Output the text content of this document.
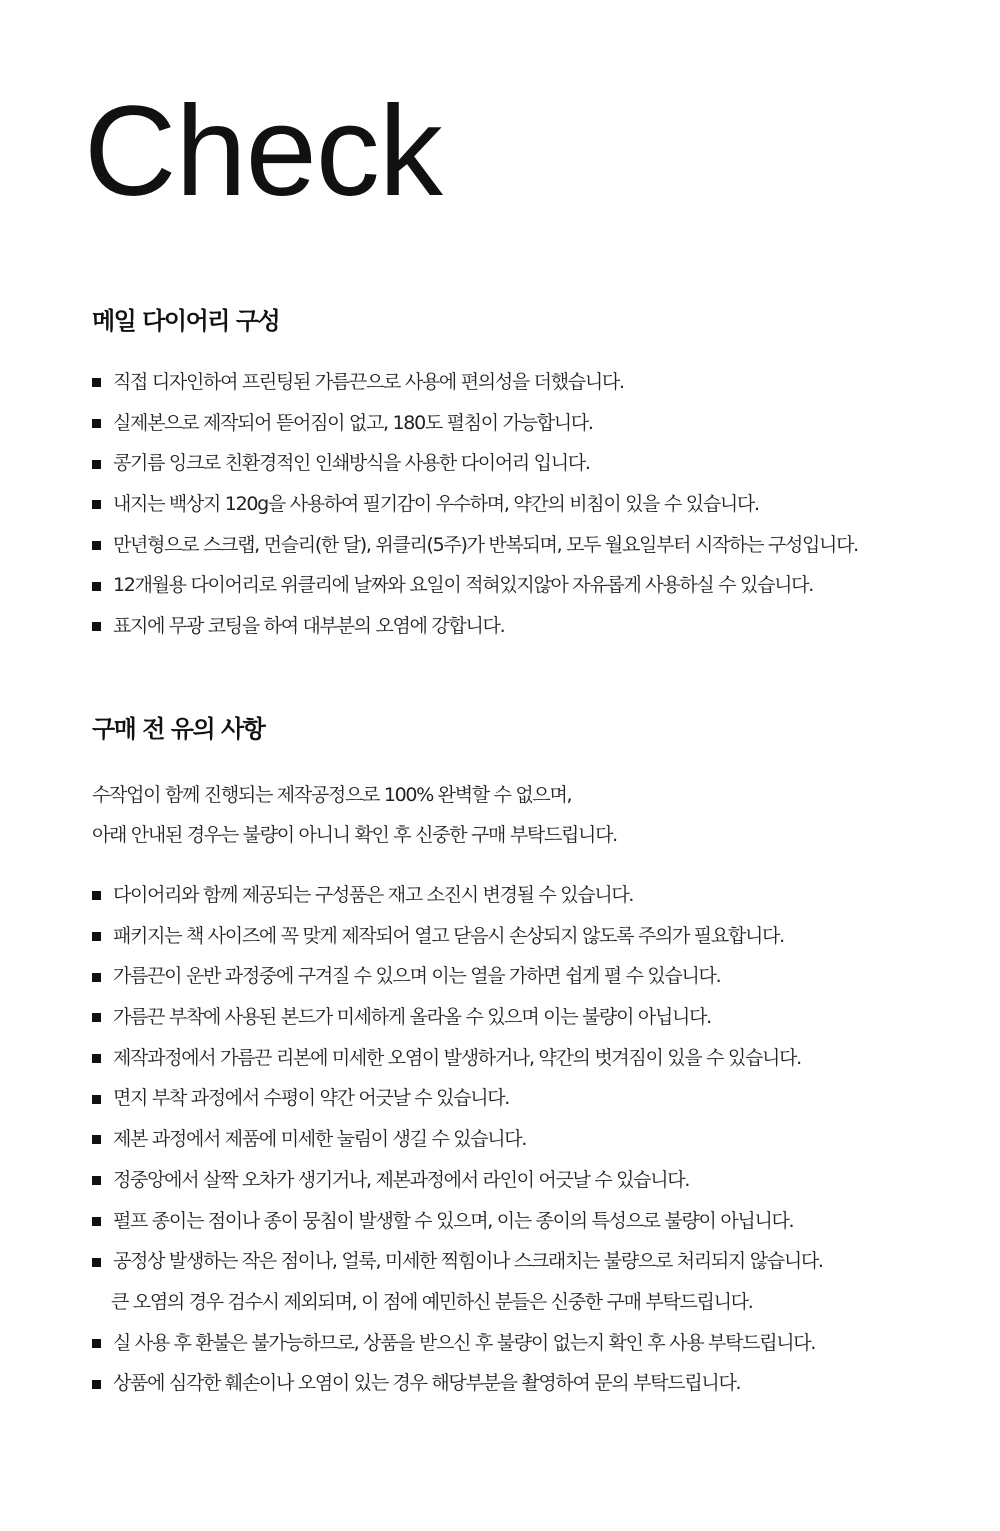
Check
메일 다이어리 구성
직접 디자인하여 프린팅된 가름끈으로 사용에 편의성을 더했습니다.
실제본으로 제작되어 뜯어짐이 없고, 180도 펼침이 가능합니다.
콩기름 잉크로 친환경적인 인쇄방식을 사용한 다이어리 입니다.
내지는 백상지 120g을 사용하여 필기감이 우수하며, 약간의 비침이 있을 수 있습니다.
만년형으로 스크랩, 먼슬리(한 달), 위클리(5주)가 반복되며, 모두 월요일부터 시작하는 구성입니다.
12개월용 다이어리로 위클리에 날짜와 요일이 적혀있지않아 자유롭게 사용하실 수 있습니다.
표지에 무광 코팅을 하여 대부분의 오염에 강합니다.
구매 전 유의 사항

수작업이 함께 진행되는 제작공정으로 100% 완벽할 수 없으며,

아래 안내된 경우는 불량이 아니니 확인 후 신중한 구매 부탁드립니다.

다이어리와 함께 제공되는 구성품은 재고 소진시 변경될 수 있습니다.
패키지는 책 사이즈에 꼭 맞게 제작되어 열고 닫음시 손상되지 않도록 주의가 필요합니다.
가름끈이 운반 과정중에 구겨질 수 있으며 이는 열을 가하면 쉽게 펼 수 있습니다.
가름끈 부착에 사용된 본드가 미세하게 올라올 수 있으며 이는 불량이 아닙니다.
제작과정에서 가름끈 리본에 미세한 오염이 발생하거나, 약간의 벗겨짐이 있을 수 있습니다.
면지 부착 과정에서 수평이 약간 어긋날 수 있습니다.
제본 과정에서 제품에 미세한 눌림이 생길 수 있습니다.
정중앙에서 살짝 오차가 생기거나, 제본과정에서 라인이 어긋날 수 있습니다.
펄프 종이는 점이나 종이 뭉침이 발생할 수 있으며, 이는 종이의 특성으로 불량이 아닙니다.
공정상 발생하는 작은 점이나, 얼룩, 미세한 찍힘이나 스크래치는 불량으로 처리되지 않습니다.
큰 오염의 경우 검수시 제외되며, 이 점에 예민하신 분들은 신중한 구매 부탁드립니다.
실 사용 후 환불은 불가능하므로, 상품을 받으신 후 불량이 없는지 확인 후 사용 부탁드립니다.
상품에 심각한 훼손이나 오염이 있는 경우 해당부분을 촬영하여 문의 부탁드립니다.
